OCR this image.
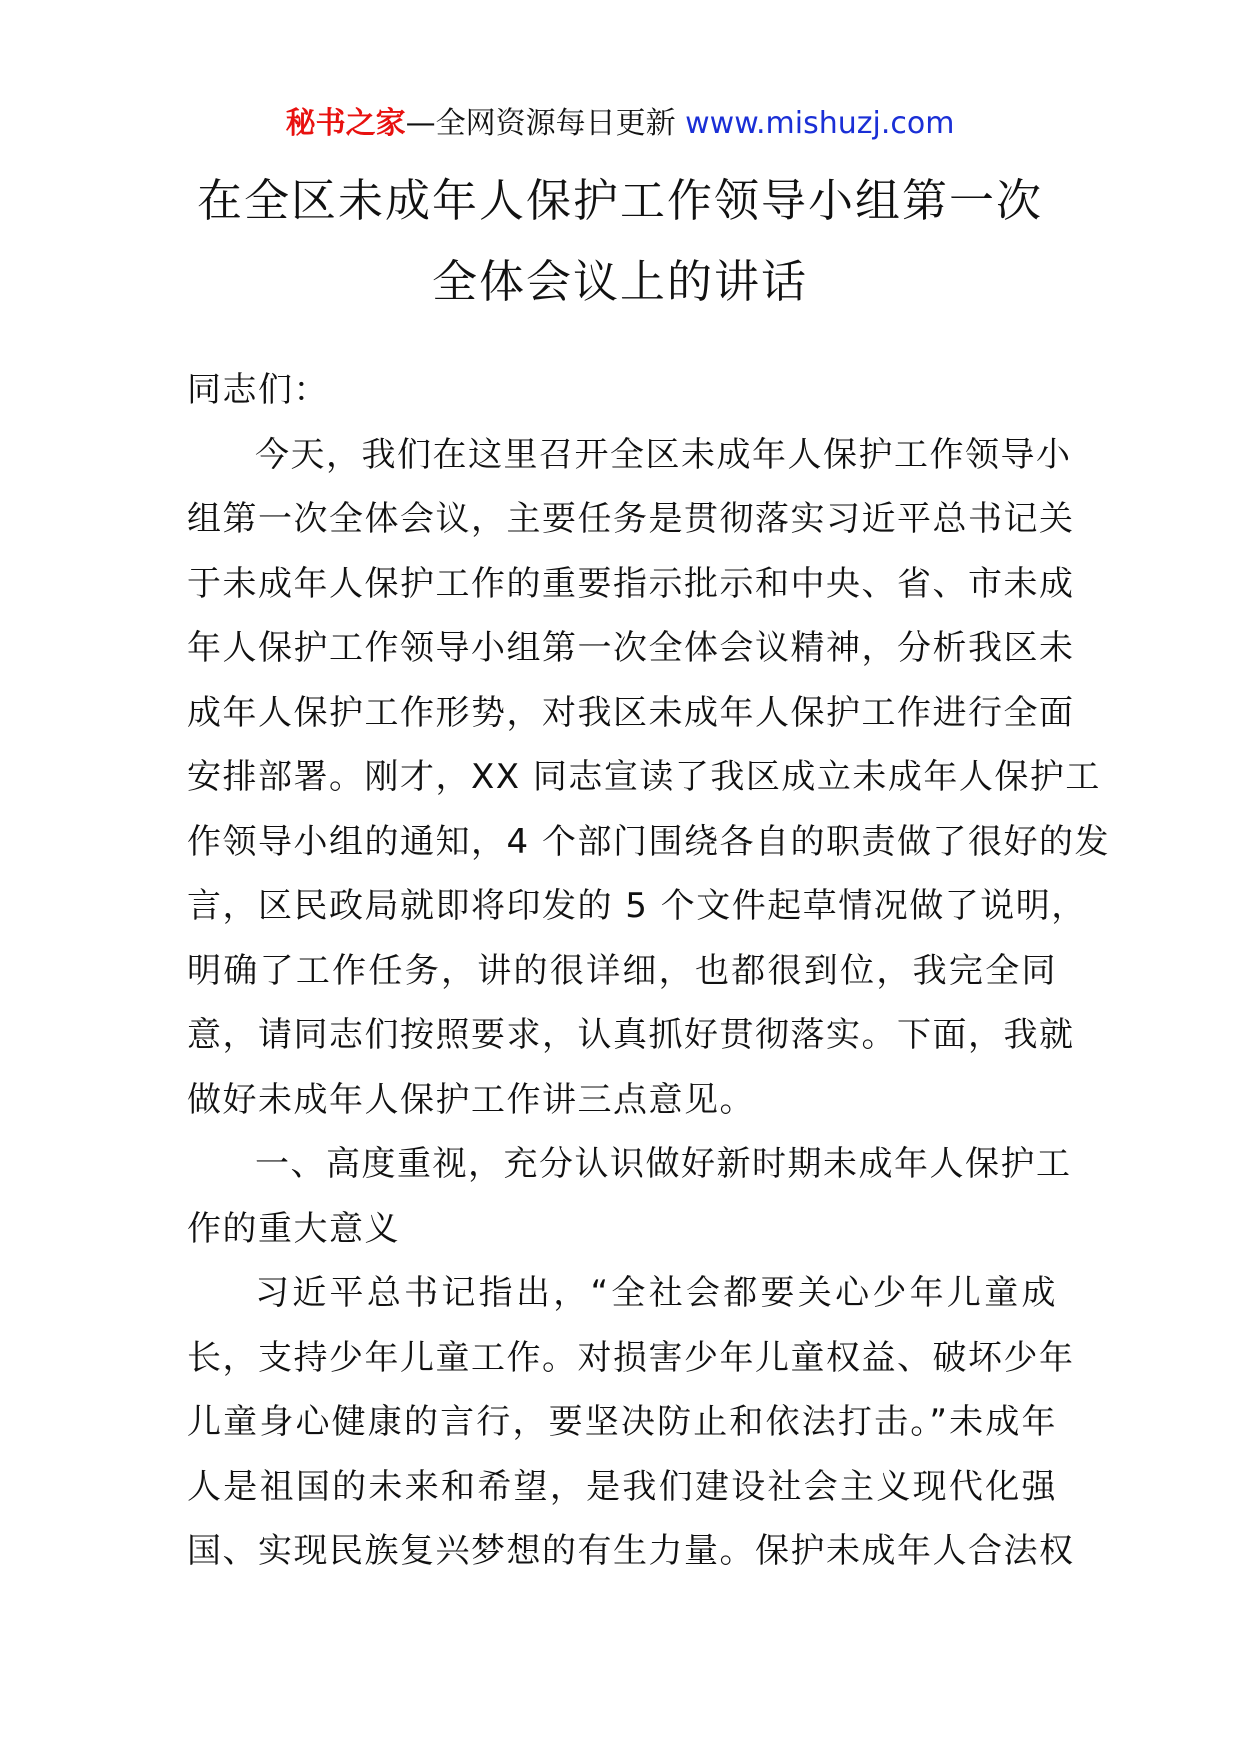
秘书之家—全网资源每日更新 www.mishuzj.com
在全区未成年人保护工作领导小组第一次
全体会议上的讲话
同志们：
今天，我们在这里召开全区未成年人保护工作领导小
组第一次全体会议，主要任务是贯彻落实习近平总书记关
于未成年人保护工作的重要指示批示和中央、省、市未成
年人保护工作领导小组第一次全体会议精神，分析我区未
成年人保护工作形势，对我区未成年人保护工作进行全面
安排部署。刚才，XX 同志宣读了我区成立未成年人保护工
作领导小组的通知，4 个部门围绕各自的职责做了很好的发
言，区民政局就即将印发的 5 个文件起草情况做了说明，
明确了工作任务，讲的很详细，也都很到位，我完全同
意，请同志们按照要求，认真抓好贯彻落实。下面，我就
做好未成年人保护工作讲三点意见。
一、高度重视，充分认识做好新时期未成年人保护工
作的重大意义
习近平总书记指出，“全社会都要关心少年儿童成
长，支持少年儿童工作。对损害少年儿童权益、破坏少年
儿童身心健康的言行，要坚决防止和依法打击。”未成年
人是祖国的未来和希望，是我们建设社会主义现代化强
国、实现民族复兴梦想的有生力量。保护未成年人合法权
